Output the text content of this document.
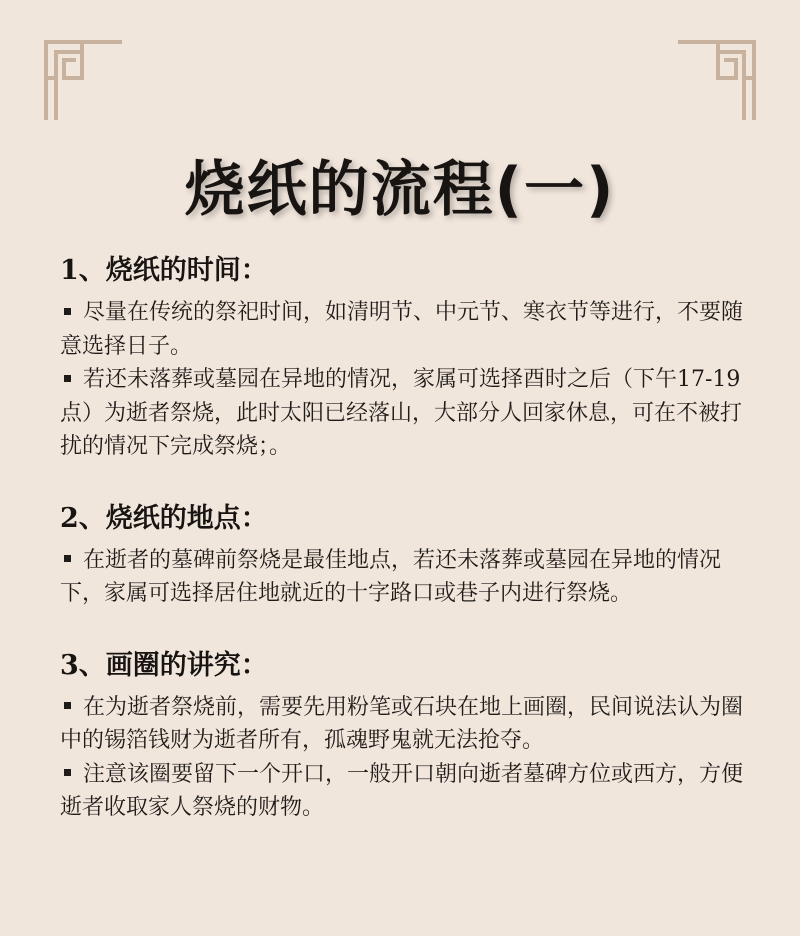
烧纸的流程(一)
1、 烧纸的时间：

尽量在传统的祭祀时间，如清明节、中元节、寒衣节等进行，不要随意选择日子。

若还未落葬或墓园在异地的情况，家属可选择酉时之后（下午17-19点）为逝者祭烧，此时太阳已经落山，大部分人回家休息，可在不被打扰的情况下完成祭烧；。

2、 烧纸的地点：

在逝者的墓碑前祭烧是最佳地点，若还未落葬或墓园在异地的情况下，家属可选择居住地就近的十字路口或巷子内进行祭烧。

3、 画圈的讲究：

在为逝者祭烧前，需要先用粉笔或石块在地上画圈，民间说法认为圈中的锡箔钱财为逝者所有，孤魂野鬼就无法抢夺。

注意该圈要留下一个开口，一般开口朝向逝者墓碑方位或西方，方便逝者收取家人祭烧的财物。
